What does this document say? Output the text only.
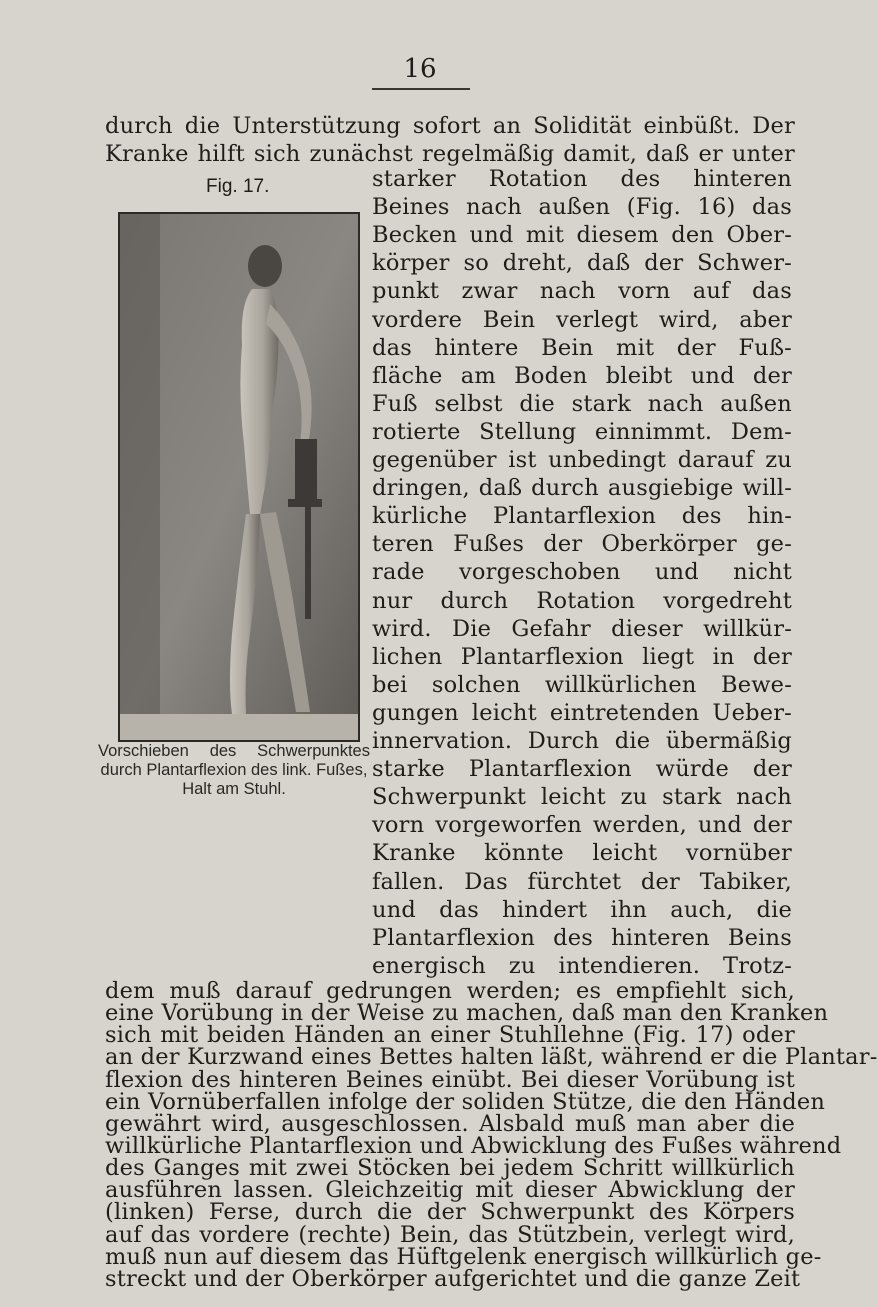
16
durch die Unterstützung sofort an Solidität einbüßt. Der
Kranke hilft sich zunächst regelmäßig damit, daß er unter
Fig. 17.
Vorschieben des Schwerpunktes
durch Plantarflexion des link. Fußes,
Halt am Stuhl.
starker Rotation des hinteren
Beines nach außen (Fig. 16) das
Becken und mit diesem den Ober-
körper so dreht, daß der Schwer-
punkt zwar nach vorn auf das
vordere Bein verlegt wird, aber
das hintere Bein mit der Fuß-
fläche am Boden bleibt und der
Fuß selbst die stark nach außen
rotierte Stellung einnimmt. Dem-
gegenüber ist unbedingt darauf zu
dringen, daß durch ausgiebige will-
kürliche Plantarflexion des hin-
teren Fußes der Oberkörper ge-
rade vorgeschoben und nicht
nur durch Rotation vorgedreht
wird. Die Gefahr dieser willkür-
lichen Plantarflexion liegt in der
bei solchen willkürlichen Bewe-
gungen leicht eintretenden Ueber-
innervation. Durch die übermäßig
starke Plantarflexion würde der
Schwerpunkt leicht zu stark nach
vorn vorgeworfen werden, und der
Kranke könnte leicht vornüber
fallen. Das fürchtet der Tabiker,
und das hindert ihn auch, die
Plantarflexion des hinteren Beins
energisch zu intendieren. Trotz-
dem muß darauf gedrungen werden; es empfiehlt sich,
eine Vorübung in der Weise zu machen, daß man den Kranken
sich mit beiden Händen an einer Stuhllehne (Fig. 17) oder
an der Kurzwand eines Bettes halten läßt, während er die Plantar-
flexion des hinteren Beines einübt. Bei dieser Vorübung ist
ein Vornüberfallen infolge der soliden Stütze, die den Händen
gewährt wird, ausgeschlossen. Alsbald muß man aber die
willkürliche Plantarflexion und Abwicklung des Fußes während
des Ganges mit zwei Stöcken bei jedem Schritt willkürlich
ausführen lassen. Gleichzeitig mit dieser Abwicklung der
(linken) Ferse, durch die der Schwerpunkt des Körpers
auf das vordere (rechte) Bein, das Stützbein, verlegt wird,
muß nun auf diesem das Hüftgelenk energisch willkürlich ge-
streckt und der Oberkörper aufgerichtet und die ganze Zeit
